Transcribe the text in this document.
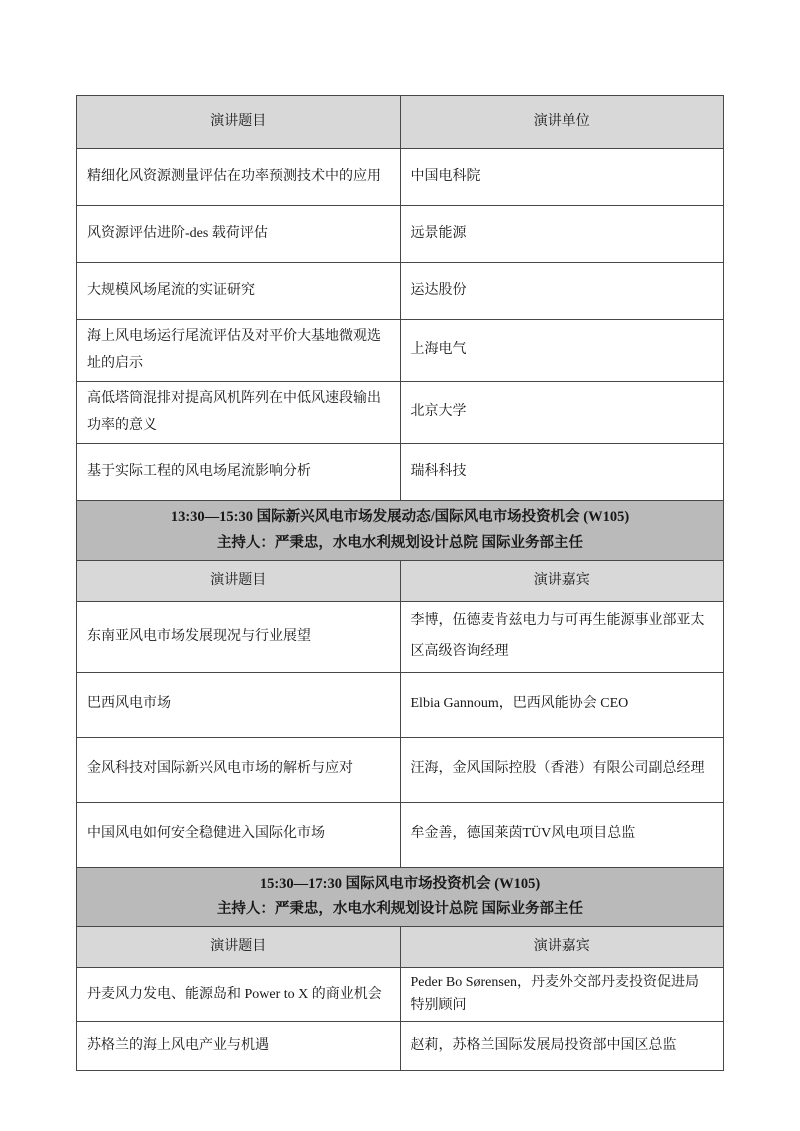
演讲题目	演讲单位
精细化风资源测量评估在功率预测技术中的应用	中国电科院
风资源评估进阶-des 载荷评估	远景能源
大规模风场尾流的实证研究	运达股份
海上风电场运行尾流评估及对平价大基地微观选址的启示	上海电气
高低塔筒混排对提高风机阵列在中低风速段输出功率的意义	北京大学
基于实际工程的风电场尾流影响分析	瑞科科技

13:30—15:30 国际新兴风电市场发展动态/国际风电市场投资机会 (W105)
主持人：严秉忠，水电水利规划设计总院 国际业务部主任	

演讲题目	演讲嘉宾
东南亚风电市场发展现况与行业展望	李博，伍德麦肯兹电力与可再生能源事业部亚太区高级咨询经理
巴西风电市场	Elbia Gannoum，巴西风能协会 CEO
金风科技对国际新兴风电市场的解析与应对	汪海，金风国际控股（香港）有限公司副总经理
中国风电如何安全稳健进入国际化市场	牟金善，德国莱茵TÜV风电项目总监

15:30—17:30 国际风电市场投资机会 (W105)
主持人：严秉忠，水电水利规划设计总院 国际业务部主任	

演讲题目	演讲嘉宾
丹麦风力发电、能源岛和 Power to X 的商业机会	Peder Bo Sørensen，丹麦外交部丹麦投资促进局特别顾问
苏格兰的海上风电产业与机遇	赵莉，苏格兰国际发展局投资部中国区总监
